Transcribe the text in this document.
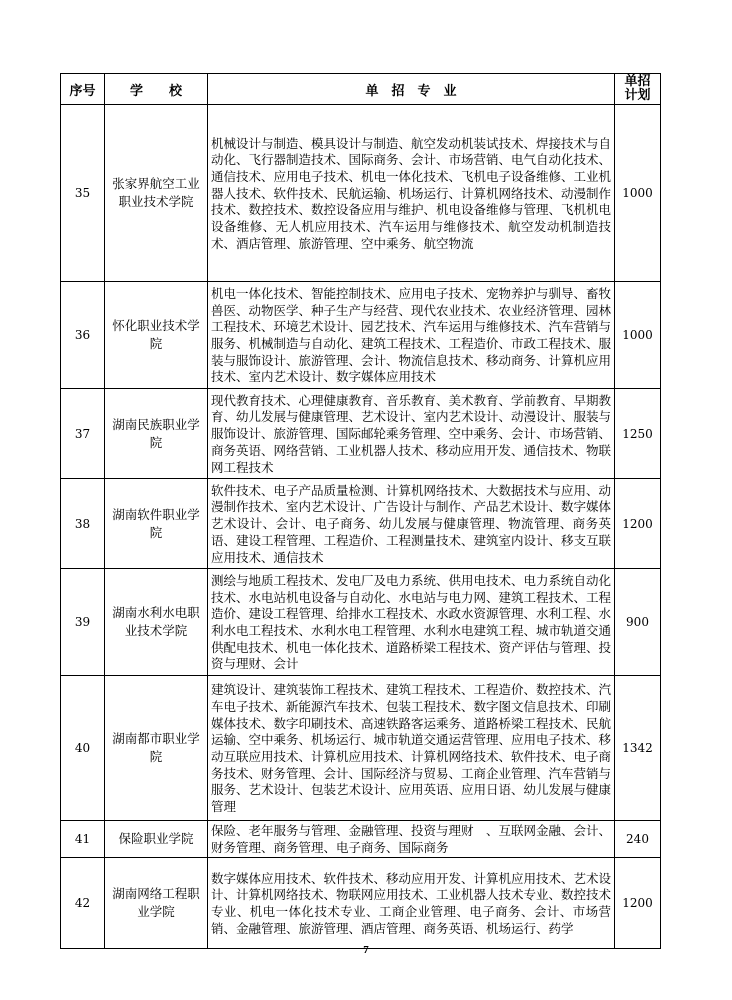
序号	学　　校	单　招　专　业	单招
计划
35	张家界航空工业职业技术学院	机械设计与制造、模具设计与制造、航空发动机装试技术、焊接技术与自动化、飞行器制造技术、国际商务、会计、市场营销、电气自动化技术、通信技术、应用电子技术、机电一体化技术、飞机电子设备维修、工业机器人技术、软件技术、民航运输、机场运行、计算机网络技术、动漫制作技术、数控技术、数控设备应用与维护、机电设备维修与管理、飞机机电设备维修、无人机应用技术、汽车运用与维修技术、航空发动机制造技术、酒店管理、旅游管理、空中乘务、航空物流	1000
36	怀化职业技术学院	机电一体化技术、智能控制技术、应用电子技术、宠物养护与驯导、畜牧兽医、动物医学、种子生产与经营、现代农业技术、农业经济管理、园林工程技术、环境艺术设计、园艺技术、汽车运用与维修技术、汽车营销与服务、机械制造与自动化、建筑工程技术、工程造价、市政工程技术、服装与服饰设计、旅游管理、会计、物流信息技术、移动商务、计算机应用技术、室内艺术设计、数字媒体应用技术	1000
37	湖南民族职业学院	现代教育技术、心理健康教育、音乐教育、美术教育、学前教育、早期教育、幼儿发展与健康管理、艺术设计、室内艺术设计、动漫设计、服装与服饰设计、旅游管理、国际邮轮乘务管理、空中乘务、会计、市场营销、商务英语、网络营销、工业机器人技术、移动应用开发、通信技术、物联网工程技术	1250
38	湖南软件职业学院	软件技术、电子产品质量检测、计算机网络技术、大数据技术与应用、动漫制作技术、室内艺术设计、广告设计与制作、产品艺术设计、数字媒体艺术设计、会计、电子商务、幼儿发展与健康管理、物流管理、商务英语、建设工程管理、工程造价、工程测量技术、建筑室内设计、移支互联应用技术、通信技术	1200
39	湖南水利水电职业技术学院	测绘与地质工程技术、发电厂及电力系统、供用电技术、电力系统自动化技术、水电站机电设备与自动化、水电站与电力网、建筑工程技术、工程造价、建设工程管理、给排水工程技术、水政水资源管理、水利工程、水利水电工程技术、水利水电工程管理、水利水电建筑工程、城市轨道交通供配电技术、机电一体化技术、道路桥梁工程技术、资产评估与管理、投资与理财、会计	900
40	湖南都市职业学院	建筑设计、建筑装饰工程技术、建筑工程技术、工程造价、数控技术、汽车电子技术、新能源汽车技术、包装工程技术、数字图文信息技术、印刷媒体技术、数字印刷技术、高速铁路客运乘务、道路桥梁工程技术、民航运输、空中乘务、机场运行、城市轨道交通运营管理、应用电子技术、移动互联应用技术、计算机应用技术、计算机网络技术、软件技术、电子商务技术、财务管理、会计、国际经济与贸易、工商企业管理、汽车营销与服务、艺术设计、包装艺术设计、应用英语、应用日语、幼儿发展与健康管理	1342
41	保险职业学院	保险、老年服务与管理、金融管理、投资与理财　、互联网金融、会计、财务管理、商务管理、电子商务、国际商务	240
42	湖南网络工程职业学院	数字媒体应用技术、软件技术、移动应用开发、计算机应用技术、艺术设计、计算机网络技术、物联网应用技术、工业机器人技术专业、数控技术专业、机电一体化技术专业、工商企业管理、电子商务、会计、市场营销、金融管理、旅游管理、酒店管理、商务英语、机场运行、药学	1200
7
